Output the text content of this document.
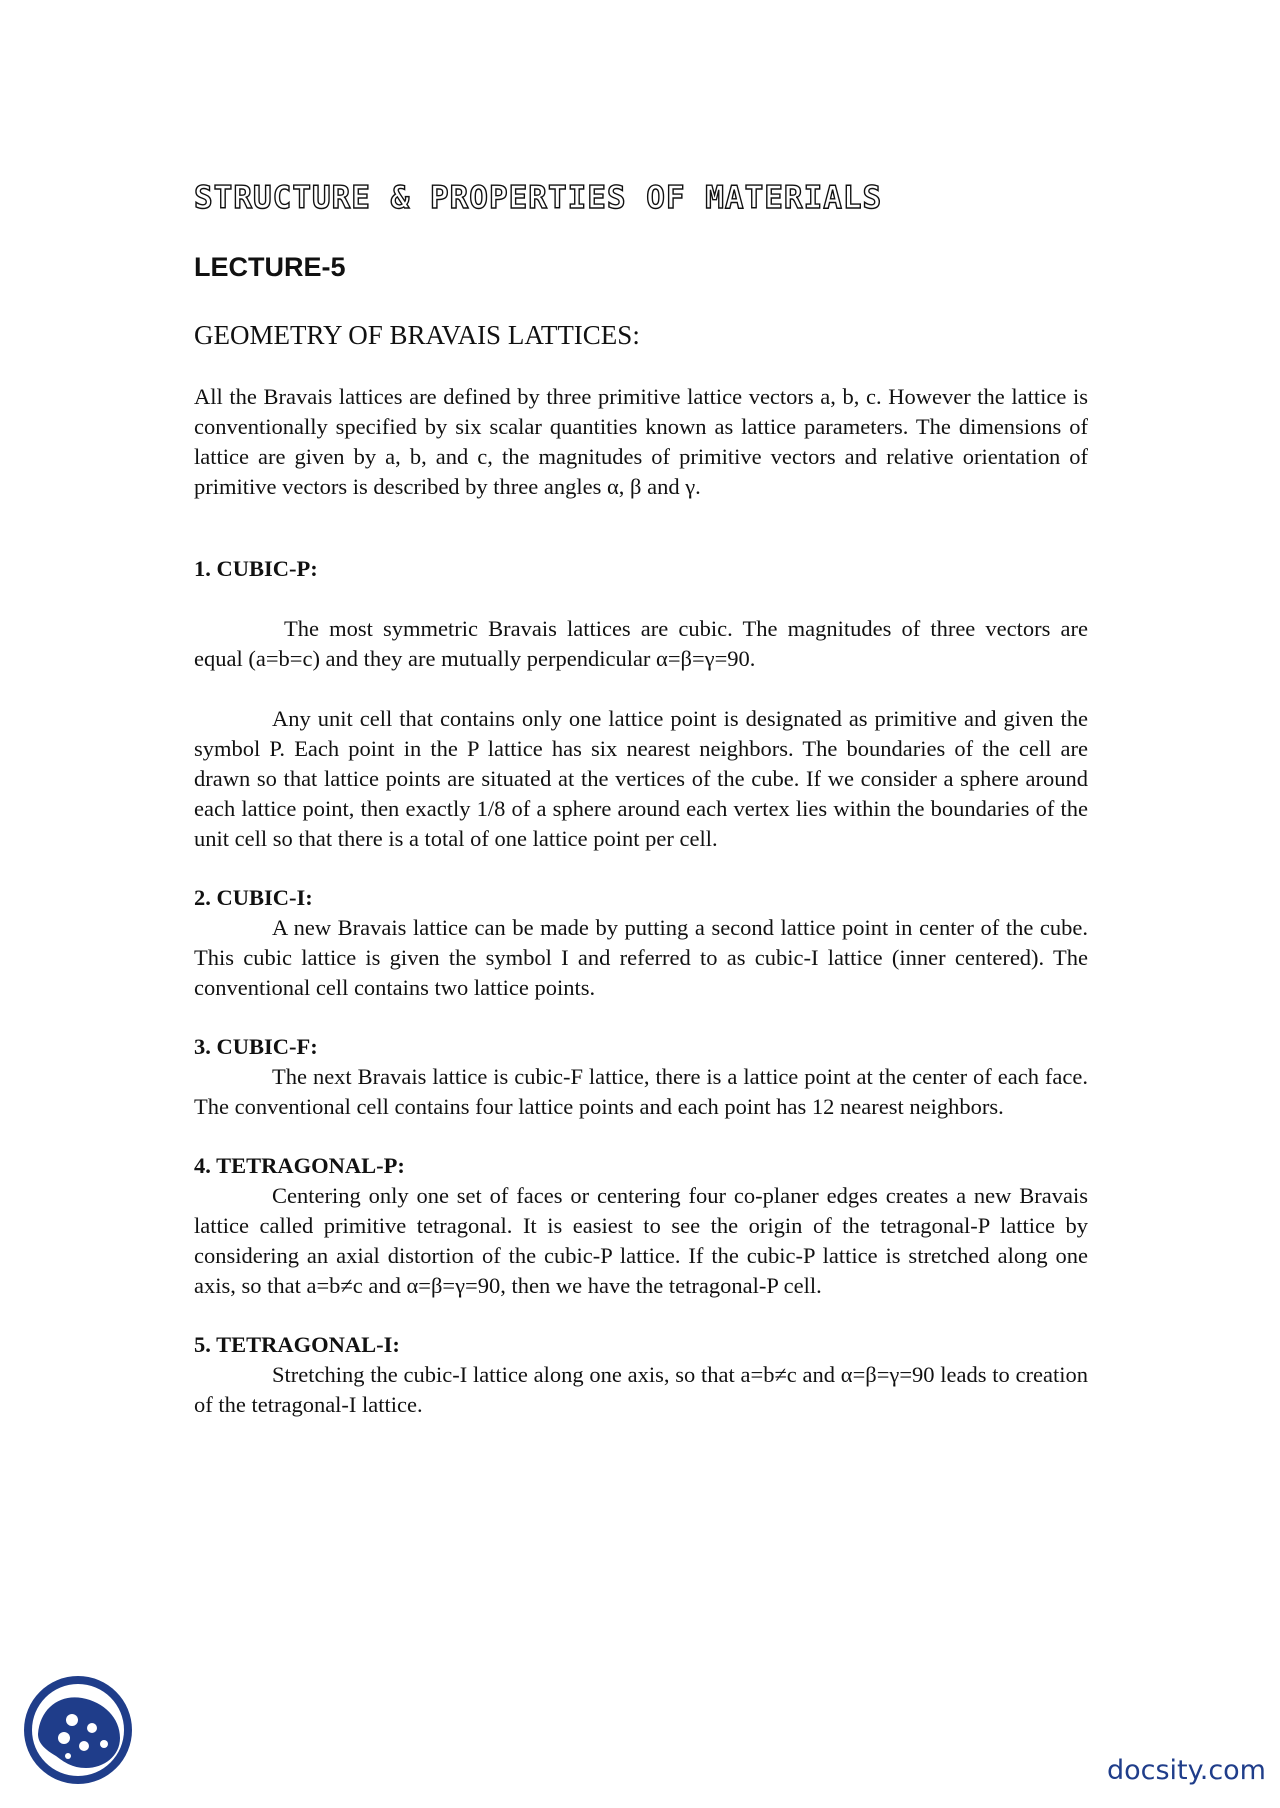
STRUCTURE & PROPERTIES OF MATERIALS
LECTURE-5
GEOMETRY OF BRAVAIS LATTICES:

All the Bravais lattices are defined by three primitive lattice vectors a, b, c. However the lattice is conventionally specified by six scalar quantities known as lattice parameters. The dimensions of lattice are given by a, b, and c, the magnitudes of primitive vectors and relative orientation of primitive vectors is described by three angles α, β and γ.

1. CUBIC-P:

The most symmetric Bravais lattices are cubic. The magnitudes of three vectors are equal (a=b=c) and they are mutually perpendicular α=β=γ=90.

Any unit cell that contains only one lattice point is designated as primitive and given the symbol P. Each point in the P lattice has six nearest neighbors. The boundaries of the cell are drawn so that lattice points are situated at the vertices of the cube. If we consider a sphere around each lattice point, then exactly 1/8 of a sphere around each vertex lies within the boundaries of the unit cell so that there is a total of one lattice point per cell.

2. CUBIC-I:

A new Bravais lattice can be made by putting a second lattice point in center of the cube. This cubic lattice is given the symbol I and referred to as cubic-I lattice (inner centered). The conventional cell contains two lattice points.

3. CUBIC-F:

The next Bravais lattice is cubic-F lattice, there is a lattice point at the center of each face. The conventional cell contains four lattice points and each point has 12 nearest neighbors.

4. TETRAGONAL-P:

Centering only one set of faces or centering four co-planer edges creates a new Bravais lattice called primitive tetragonal. It is easiest to see the origin of the tetragonal-P lattice by considering an axial distortion of the cubic-P lattice. If the cubic-P lattice is stretched along one axis, so that a=b≠c and α=β=γ=90, then we have the tetragonal-P cell.

5. TETRAGONAL-I:

Stretching the cubic-I lattice along one axis, so that a=b≠c and α=β=γ=90 leads to creation of the tetragonal-I lattice.

docsity.com
